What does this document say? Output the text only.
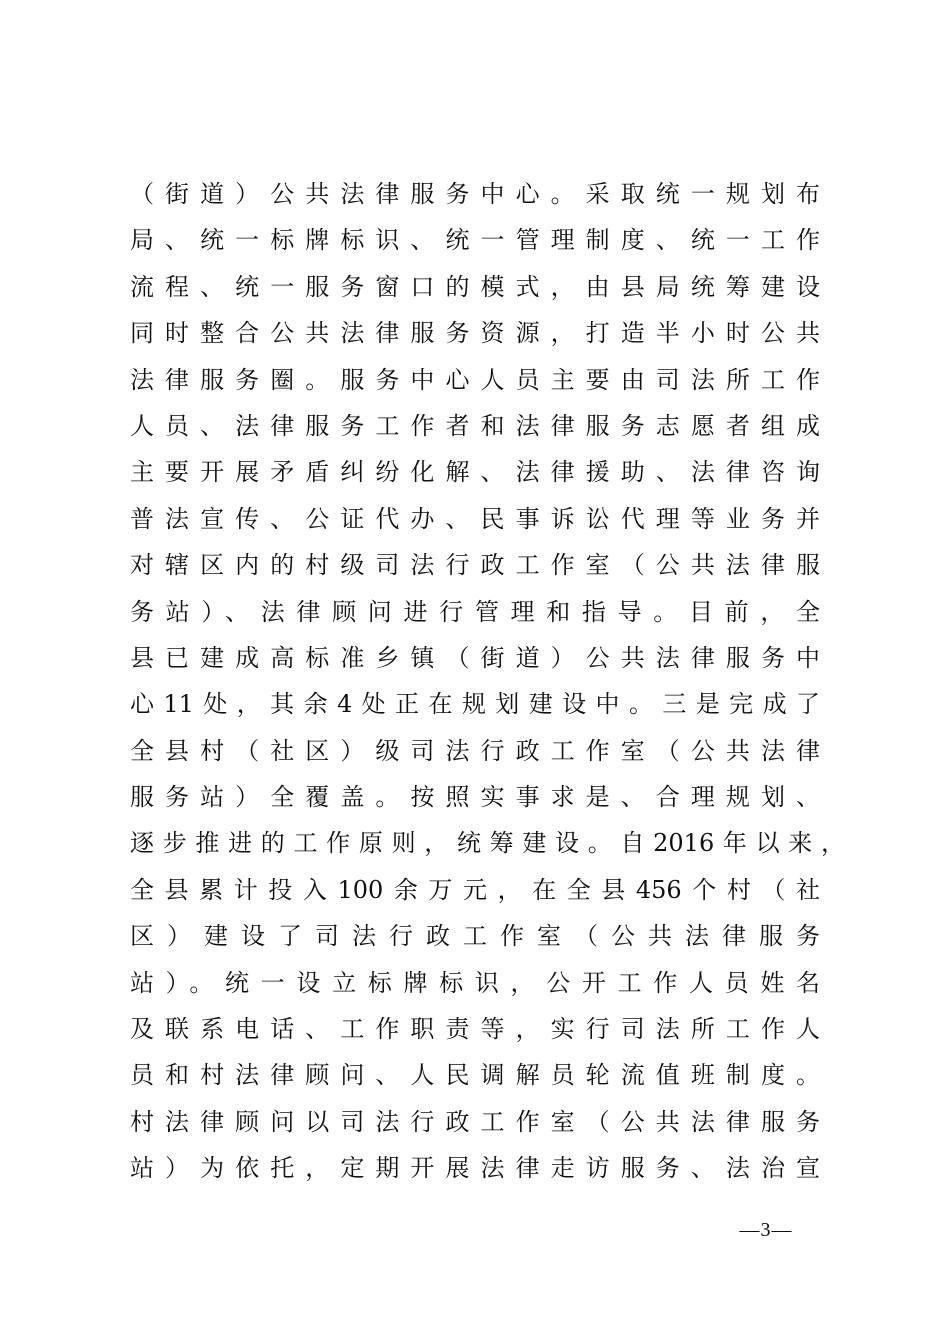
（街道）公共法律服务中心。采取统一规划布
局、统一标牌标识、统一管理制度、统一工作
流程、统一服务窗口的模式，由县局统筹建设
同时整合公共法律服务资源，打造半小时公共
法律服务圈。服务中心人员主要由司法所工作
人员、法律服务工作者和法律服务志愿者组成
主要开展矛盾纠纷化解、法律援助、法律咨询
普法宣传、公证代办、民事诉讼代理等业务并
对辖区内的村级司法行政工作室（公共法律服
务站）、法律顾问进行管理和指导。目前，全
县已建成高标准乡镇（街道）公共法律服务中
心11处，其余4处正在规划建设中。三是完成了
全县村（社区）级司法行政工作室（公共法律
服务站）全覆盖。按照实事求是、合理规划、
逐步推进的工作原则，统筹建设。自2016年以来，
全县累计投入100余万元，在全县456个村（社
区）建设了司法行政工作室（公共法律服务
站）。统一设立标牌标识，公开工作人员姓名
及联系电话、工作职责等，实行司法所工作人
员和村法律顾问、人民调解员轮流值班制度。
村法律顾问以司法行政工作室（公共法律服务
站）为依托，定期开展法律走访服务、法治宣
—3—
